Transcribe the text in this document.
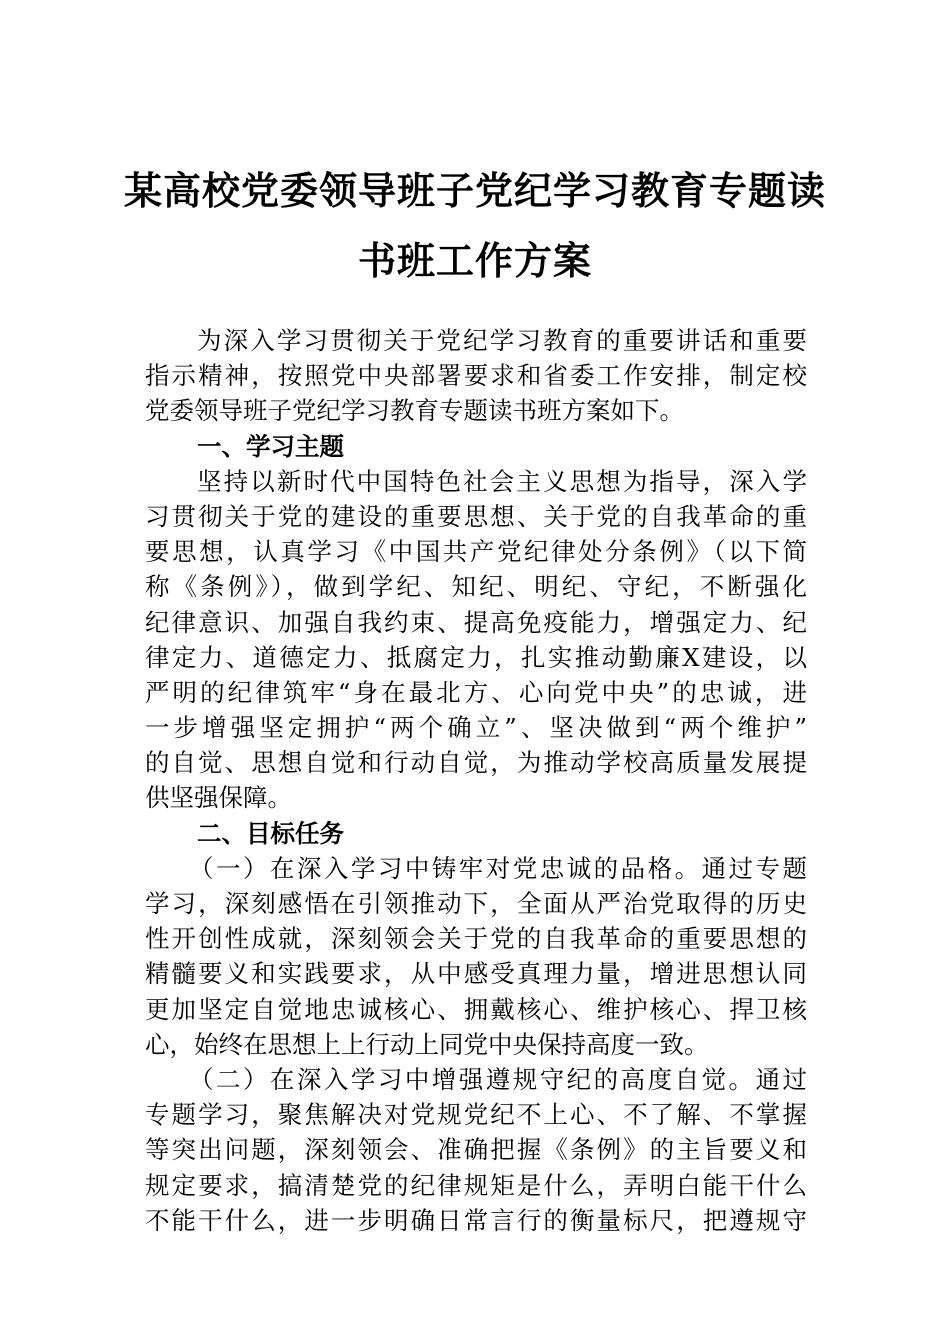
某高校党委领导班子党纪学习教育专题读
书班工作方案
为深入学习贯彻关于党纪学习教育的重要讲话和重要
指示精神，按照党中央部署要求和省委工作安排，制定校
党委领导班子党纪学习教育专题读书班方案如下。
一、学习主题
坚持以新时代中国特色社会主义思想为指导，深入学
习贯彻关于党的建设的重要思想、关于党的自我革命的重
要思想，认真学习《中国共产党纪律处分条例》（以下简
称《条例》），做到学纪、知纪、明纪、守纪，不断强化
纪律意识、加强自我约束、提高免疫能力，增强定力、纪
律定力、道德定力、抵腐定力，扎实推动勤廉X建设，以
严明的纪律筑牢“身在最北方、心向党中央”的忠诚，进
一步增强坚定拥护“两个确立”、坚决做到“两个维护”
的自觉、思想自觉和行动自觉，为推动学校高质量发展提
供坚强保障。
二、目标任务
（一）在深入学习中铸牢对党忠诚的品格。通过专题
学习，深刻感悟在引领推动下，全面从严治党取得的历史
性开创性成就，深刻领会关于党的自我革命的重要思想的
精髓要义和实践要求，从中感受真理力量，增进思想认同
更加坚定自觉地忠诚核心、拥戴核心、维护核心、捍卫核
心，始终在思想上上行动上同党中央保持高度一致。
（二）在深入学习中增强遵规守纪的高度自觉。通过
专题学习，聚焦解决对党规党纪不上心、不了解、不掌握
等突出问题，深刻领会、准确把握《条例》的主旨要义和
规定要求，搞清楚党的纪律规矩是什么，弄明白能干什么
不能干什么，进一步明确日常言行的衡量标尺，把遵规守
